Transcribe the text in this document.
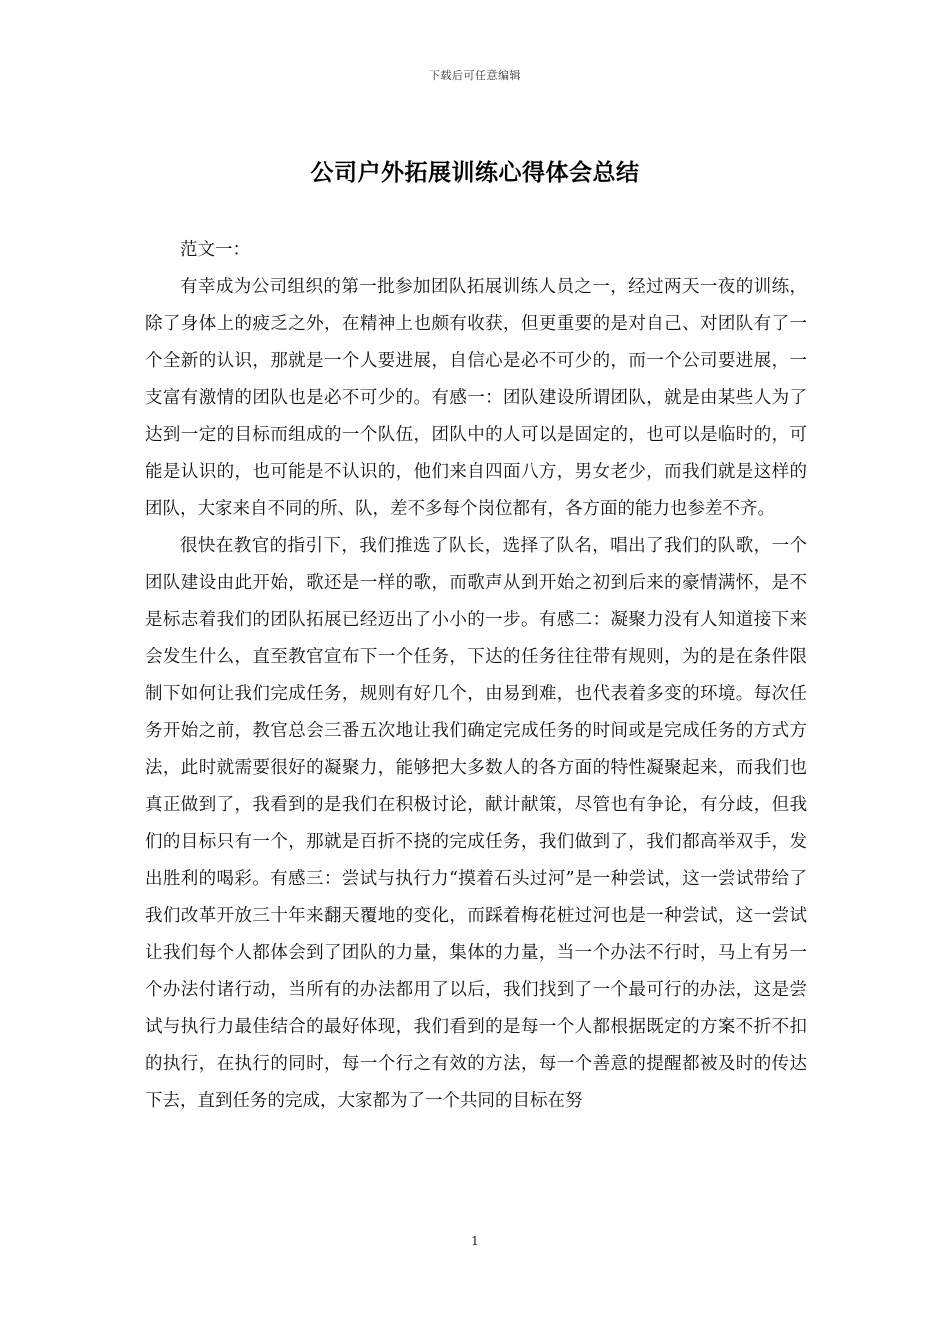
下载后可任意编辑
公司户外拓展训练心得体会总结

范文一：

有幸成为公司组织的第一批参加团队拓展训练人员之一，经过两天一夜的训练，除了身体上的疲乏之外，在精神上也颇有收获，但更重要的是对自己、对团队有了一个全新的认识，那就是一个人要进展，自信心是必不可少的，而一个公司要进展，一支富有激情的团队也是必不可少的。有感一：团队建设所谓团队，就是由某些人为了达到一定的目标而组成的一个队伍，团队中的人可以是固定的，也可以是临时的，可能是认识的，也可能是不认识的，他们来自四面八方，男女老少，而我们就是这样的团队，大家来自不同的所、队，差不多每个岗位都有，各方面的能力也参差不齐。

很快在教官的指引下，我们推选了队长，选择了队名，唱出了我们的队歌，一个团队建设由此开始，歌还是一样的歌，而歌声从到开始之初到后来的豪情满怀，是不是标志着我们的团队拓展已经迈出了小小的一步。有感二：凝聚力没有人知道接下来会发生什么，直至教官宣布下一个任务，下达的任务往往带有规则，为的是在条件限制下如何让我们完成任务，规则有好几个，由易到难，也代表着多变的环境。每次任务开始之前，教官总会三番五次地让我们确定完成任务的时间或是完成任务的方式方法，此时就需要很好的凝聚力，能够把大多数人的各方面的特性凝聚起来，而我们也真正做到了，我看到的是我们在积极讨论，献计献策，尽管也有争论，有分歧，但我们的目标只有一个，那就是百折不挠的完成任务，我们做到了，我们都高举双手，发出胜利的喝彩。有感三：尝试与执行力“摸着石头过河”是一种尝试，这一尝试带给了我们改革开放三十年来翻天覆地的变化，而踩着梅花桩过河也是一种尝试，这一尝试让我们每个人都体会到了团队的力量，集体的力量，当一个办法不行时，马上有另一个办法付诸行动，当所有的办法都用了以后，我们找到了一个最可行的办法，这是尝试与执行力最佳结合的最好体现，我们看到的是每一个人都根据既定的方案不折不扣的执行，在执行的同时，每一个行之有效的方法，每一个善意的提醒都被及时的传达下去，直到任务的完成，大家都为了一个共同的目标在努

1
